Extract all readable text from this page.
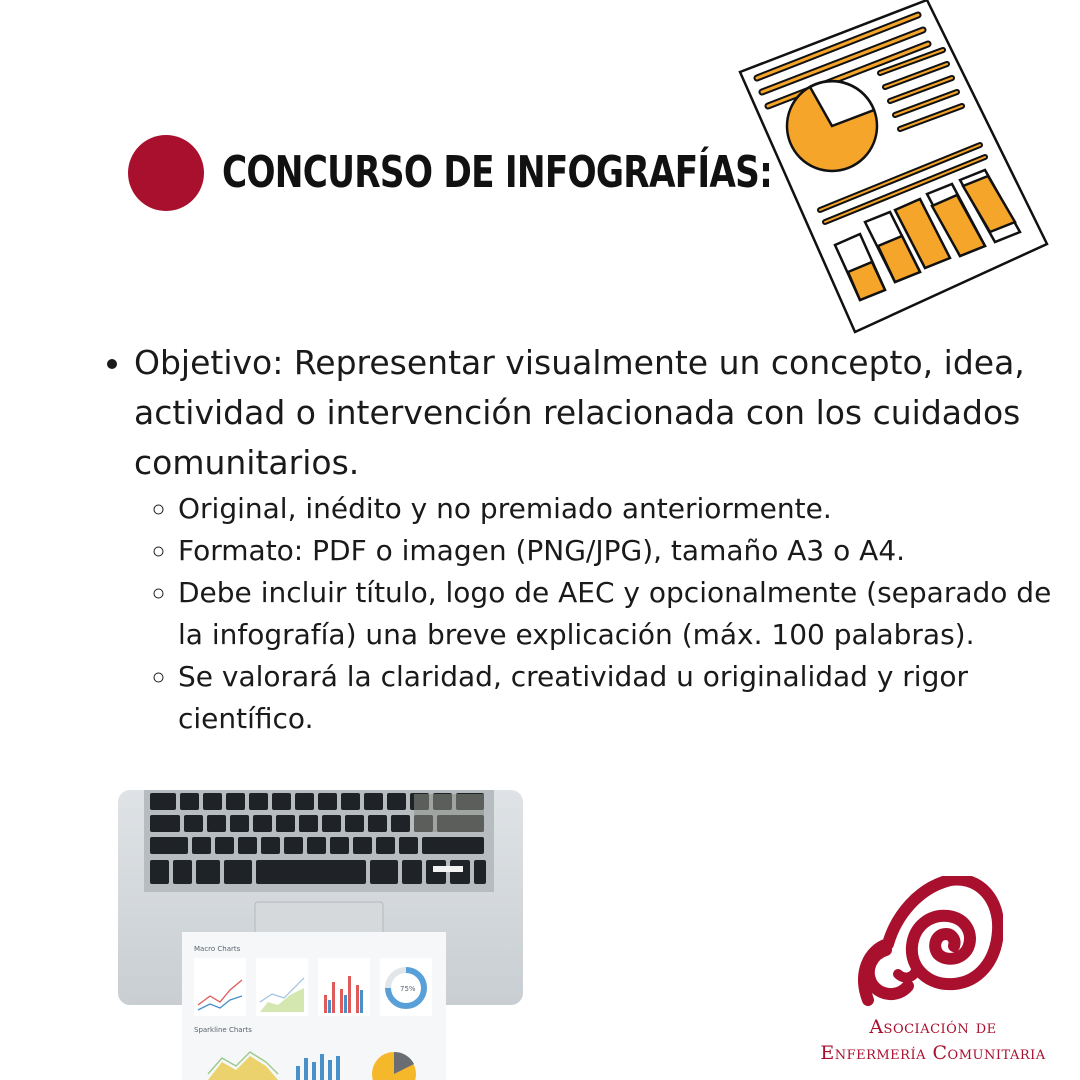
CONCURSO DE INFOGRAFÍAS:
• Objetivo: Representar visualmente un concepto, idea, actividad o intervención relacionada con los cuidados comunitarios.
◦ Original, inédito y no premiado anteriormente.
◦ Formato: PDF o imagen (PNG/JPG), tamaño A3 o A4.
◦ Debe incluir título, logo de AEC y opcionalmente (separado de la infografía) una breve explicación (máx. 100 palabras).
◦ Se valorará la claridad, creatividad u originalidad y rigor científico.
Macro Charts
75%
Sparkline Charts	Asociación de
Enfermería Comunitaria
